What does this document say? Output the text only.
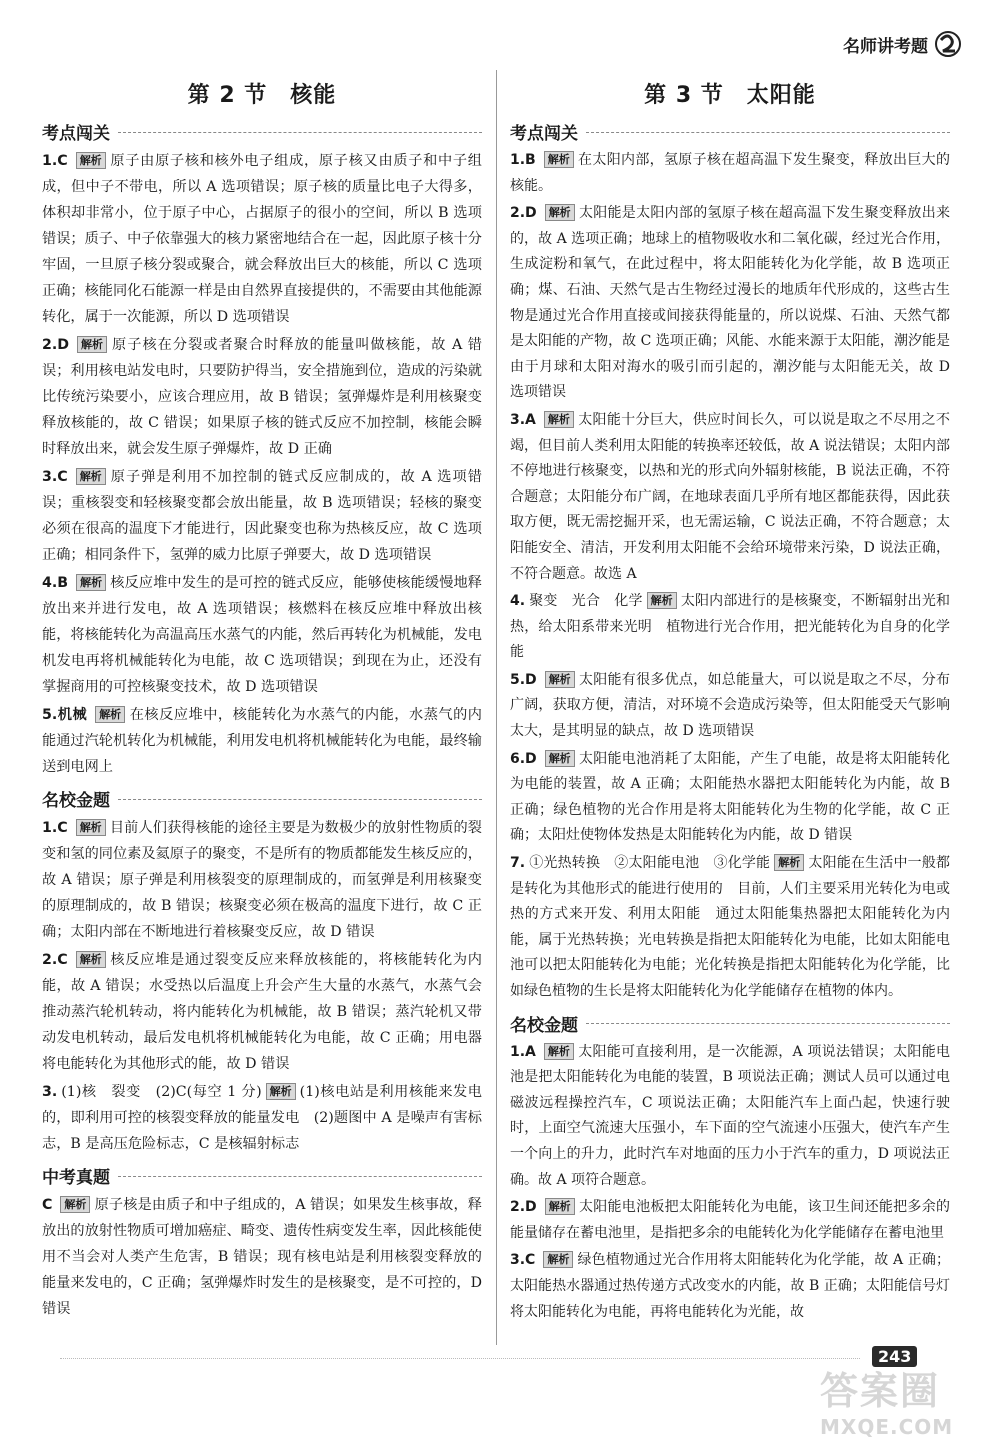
名师讲考题
第 2 节　核能
考点闯关
1.C 解析 原子由原子核和核外电子组成，原子核又由质子和中子组成，但中子不带电，所以 A 选项错误；原子核的质量比电子大得多，体积却非常小，位于原子中心，占据原子的很小的空间，所以 B 选项错误；质子、中子依靠强大的核力紧密地结合在一起，因此原子核十分牢固，一旦原子核分裂或聚合，就会释放出巨大的核能，所以 C 选项正确；核能同化石能源一样是由自然界直接提供的，不需要由其他能源转化，属于一次能源，所以 D 选项错误
2.D 解析 原子核在分裂或者聚合时释放的能量叫做核能，故 A 错误；利用核电站发电时，只要防护得当，安全措施到位，造成的污染就比传统污染要小，应该合理应用，故 B 错误；氢弹爆炸是利用核聚变释放核能的，故 C 错误；如果原子核的链式反应不加控制，核能会瞬时释放出来，就会发生原子弹爆炸，故 D 正确
3.C 解析 原子弹是利用不加控制的链式反应制成的，故 A 选项错误；重核裂变和轻核聚变都会放出能量，故 B 选项错误；轻核的聚变必须在很高的温度下才能进行，因此聚变也称为热核反应，故 C 选项正确；相同条件下，氢弹的威力比原子弹要大，故 D 选项错误
4.B 解析 核反应堆中发生的是可控的链式反应，能够使核能缓慢地释放出来并进行发电，故 A 选项错误；核燃料在核反应堆中释放出核能，将核能转化为高温高压水蒸气的内能，然后再转化为机械能，发电机发电再将机械能转化为电能，故 C 选项错误；到现在为止，还没有掌握商用的可控核聚变技术，故 D 选项错误
5.机械 解析 在核反应堆中，核能转化为水蒸气的内能，水蒸气的内能通过汽轮机转化为机械能，利用发电机将机械能转化为电能，最终输送到电网上
名校金题
1.C 解析 目前人们获得核能的途径主要是为数极少的放射性物质的裂变和氢的同位素及氦原子的聚变，不是所有的物质都能发生核反应的，故 A 错误；原子弹是利用核裂变的原理制成的，而氢弹是利用核聚变的原理制成的，故 B 错误；核聚变必须在极高的温度下进行，故 C 正确；太阳内部在不断地进行着核聚变反应，故 D 错误
2.C 解析 核反应堆是通过裂变反应来释放核能的，将核能转化为内能，故 A 错误；水受热以后温度上升会产生大量的水蒸气，水蒸气会推动蒸汽轮机转动，将内能转化为机械能，故 B 错误；蒸汽轮机又带动发电机转动，最后发电机将机械能转化为电能，故 C 正确；用电器将电能转化为其他形式的能，故 D 错误
3. (1)核　裂变　(2)C(每空 1 分) 解析 (1)核电站是利用核能来发电的，即利用可控的核裂变释放的能量发电　(2)题图中 A 是噪声有害标志，B 是高压危险标志，C 是核辐射标志
中考真题
C 解析 原子核是由质子和中子组成的，A 错误；如果发生核事故，释放出的放射性物质可增加癌症、畸变、遗传性病变发生率，因此核能使用不当会对人类产生危害，B 错误；现有核电站是利用核裂变释放的能量来发电的，C 正确；氢弹爆炸时发生的是核聚变，是不可控的，D 错误
第 3 节　太阳能
考点闯关
1.B 解析 在太阳内部，氢原子核在超高温下发生聚变，释放出巨大的核能。
2.D 解析 太阳能是太阳内部的氢原子核在超高温下发生聚变释放出来的，故 A 选项正确；地球上的植物吸收水和二氧化碳，经过光合作用，生成淀粉和氧气，在此过程中，将太阳能转化为化学能，故 B 选项正确；煤、石油、天然气是古生物经过漫长的地质年代形成的，这些古生物是通过光合作用直接或间接获得能量的，所以说煤、石油、天然气都是太阳能的产物，故 C 选项正确；风能、水能来源于太阳能，潮汐能是由于月球和太阳对海水的吸引而引起的，潮汐能与太阳能无关，故 D 选项错误
3.A 解析 太阳能十分巨大，供应时间长久，可以说是取之不尽用之不竭，但目前人类利用太阳能的转换率还较低，故 A 说法错误；太阳内部不停地进行核聚变，以热和光的形式向外辐射核能，B 说法正确，不符合题意；太阳能分布广阔，在地球表面几乎所有地区都能获得，因此获取方便，既无需挖掘开采，也无需运输，C 说法正确，不符合题意；太阳能安全、清洁，开发利用太阳能不会给环境带来污染，D 说法正确，不符合题意。故选 A
4. 聚变　光合　化学 解析 太阳内部进行的是核聚变，不断辐射出光和热，给太阳系带来光明　植物进行光合作用，把光能转化为自身的化学能
5.D 解析 太阳能有很多优点，如总能量大，可以说是取之不尽，分布广阔，获取方便，清洁，对环境不会造成污染等，但太阳能受天气影响太大，是其明显的缺点，故 D 选项错误
6.D 解析 太阳能电池消耗了太阳能，产生了电能，故是将太阳能转化为电能的装置，故 A 正确；太阳能热水器把太阳能转化为内能，故 B 正确；绿色植物的光合作用是将太阳能转化为生物的化学能，故 C 正确；太阳灶使物体发热是太阳能转化为内能，故 D 错误
7. ①光热转换　②太阳能电池　③化学能 解析 太阳能在生活中一般都是转化为其他形式的能进行使用的　目前，人们主要采用光转化为电或热的方式来开发、利用太阳能　通过太阳能集热器把太阳能转化为内能，属于光热转换；光电转换是指把太阳能转化为电能，比如太阳能电池可以把太阳能转化为电能；光化转换是指把太阳能转化为化学能，比如绿色植物的生长是将太阳能转化为化学能储存在植物的体内。
名校金题
1.A 解析 太阳能可直接利用，是一次能源，A 项说法错误；太阳能电池是把太阳能转化为电能的装置，B 项说法正确；测试人员可以通过电磁波远程操控汽车，C 项说法正确；太阳能汽车上面凸起，快速行驶时，上面空气流速大压强小，车下面的空气流速小压强大，使汽车产生一个向上的升力，此时汽车对地面的压力小于汽车的重力，D 项说法正确。故 A 项符合题意。
2.D 解析 太阳能电池板把太阳能转化为电能，该卫生间还能把多余的能量储存在蓄电池里，是指把多余的电能转化为化学能储存在蓄电池里
3.C 解析 绿色植物通过光合作用将太阳能转化为化学能，故 A 正确；太阳能热水器通过热传递方式改变水的内能，故 B 正确；太阳能信号灯将太阳能转化为电能，再将电能转化为光能，故
243
答案圈
MXQE.COM
